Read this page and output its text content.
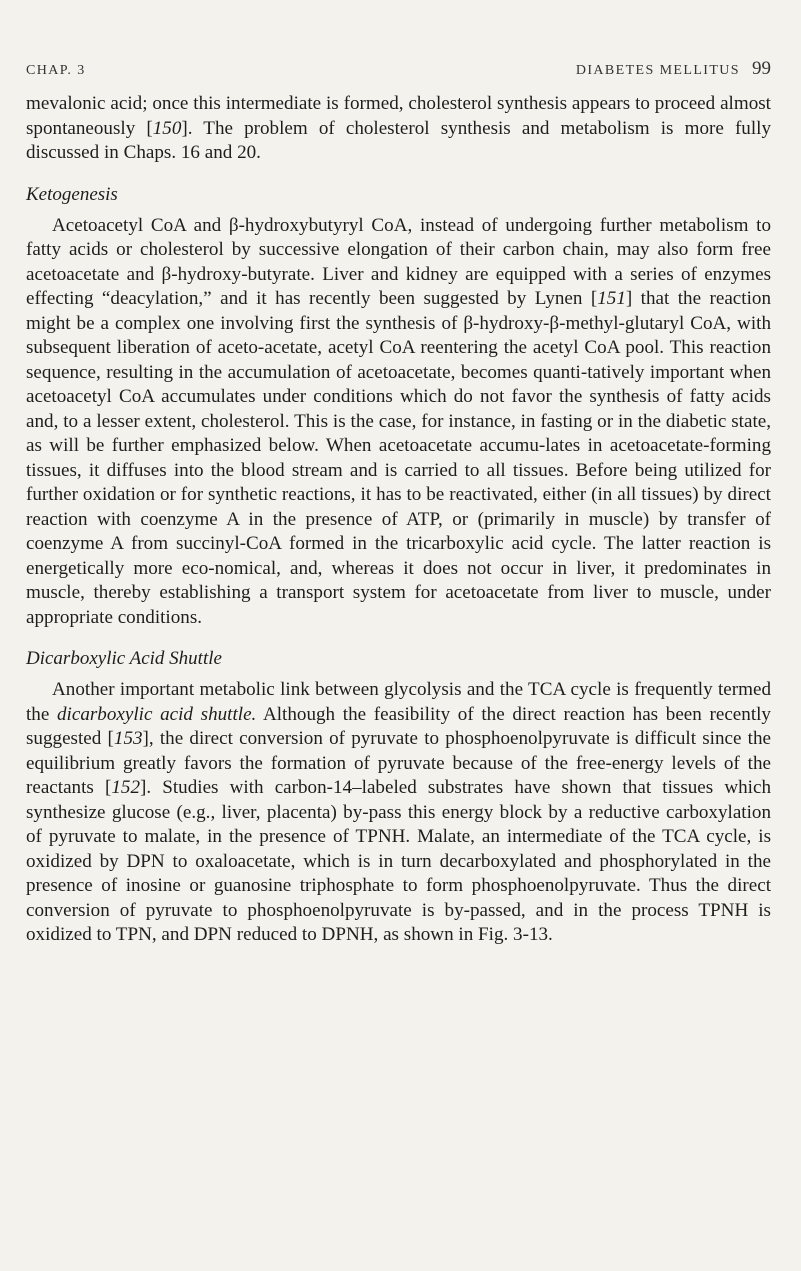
CHAP. 3	DIABETES MELLITUS 99

mevalonic acid; once this intermediate is formed, cholesterol synthesis appears to proceed almost spontaneously [150]. The problem of cholesterol synthesis and metabolism is more fully discussed in Chaps. 16 and 20.

Ketogenesis

Acetoacetyl CoA and β-hydroxybutyryl CoA, instead of undergoing further metabolism to fatty acids or cholesterol by successive elongation of their carbon chain, may also form free acetoacetate and β-hydroxy-butyrate. Liver and kidney are equipped with a series of enzymes effecting “deacylation,” and it has recently been suggested by Lynen [151] that the reaction might be a complex one involving first the synthesis of β-hydroxy-β-methyl-glutaryl CoA, with subsequent liberation of aceto-acetate, acetyl CoA reentering the acetyl CoA pool. This reaction sequence, resulting in the accumulation of acetoacetate, becomes quanti-tatively important when acetoacetyl CoA accumulates under conditions which do not favor the synthesis of fatty acids and, to a lesser extent, cholesterol. This is the case, for instance, in fasting or in the diabetic state, as will be further emphasized below. When acetoacetate accumu-lates in acetoacetate-forming tissues, it diffuses into the blood stream and is carried to all tissues. Before being utilized for further oxidation or for synthetic reactions, it has to be reactivated, either (in all tissues) by direct reaction with coenzyme A in the presence of ATP, or (primarily in muscle) by transfer of coenzyme A from succinyl-CoA formed in the tricarboxylic acid cycle. The latter reaction is energetically more eco-nomical, and, whereas it does not occur in liver, it predominates in muscle, thereby establishing a transport system for acetoacetate from liver to muscle, under appropriate conditions.

Dicarboxylic Acid Shuttle

Another important metabolic link between glycolysis and the TCA cycle is frequently termed the dicarboxylic acid shuttle. Although the feasibility of the direct reaction has been recently suggested [153], the direct conversion of pyruvate to phosphoenolpyruvate is difficult since the equilibrium greatly favors the formation of pyruvate because of the free-energy levels of the reactants [152]. Studies with carbon-14–labeled substrates have shown that tissues which synthesize glucose (e.g., liver, placenta) by-pass this energy block by a reductive carboxylation of pyruvate to malate, in the presence of TPNH. Malate, an intermediate of the TCA cycle, is oxidized by DPN to oxaloacetate, which is in turn decarboxylated and phosphorylated in the presence of inosine or guanosine triphosphate to form phosphoenolpyruvate. Thus the direct conversion of pyruvate to phosphoenolpyruvate is by-passed, and in the process TPNH is oxidized to TPN, and DPN reduced to DPNH, as shown in Fig. 3-13.
